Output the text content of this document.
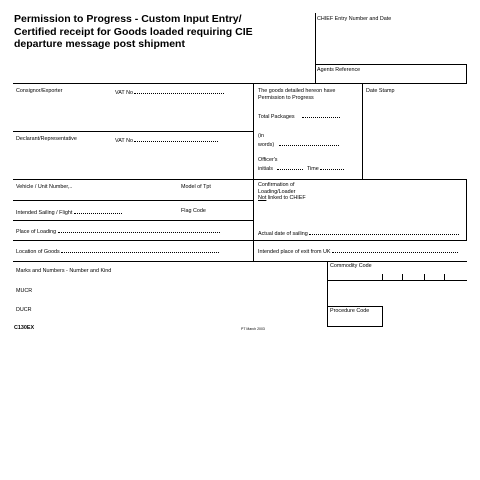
Permission to Progress - Custom Input Entry/
Certified receipt for Goods loaded requiring CIE
departure message post shipment
CHIEF Entry Number and Date
Agents Reference
Consignor/Exporter	VAT No
Declarant/Representative	VAT No
Vehicle / Unit Number,..	Model of Tpt
Intended Sailing / Flight	Flag Code
Place of Loading
Location of Goods
The goods detailed hereon have
Permission to Progress
Total Packages
(in
words)
Officer's
initials	Time
Date Stamp
Confirmation of
Loading/Loader
Not linked to CHIEF
Actual date of sailing
Intended place of exit from UK
Marks and Numbers - Number and Kind
MUCR
DUCR
Commodity Code
Procedure Code
C130EX	PT March 2003
